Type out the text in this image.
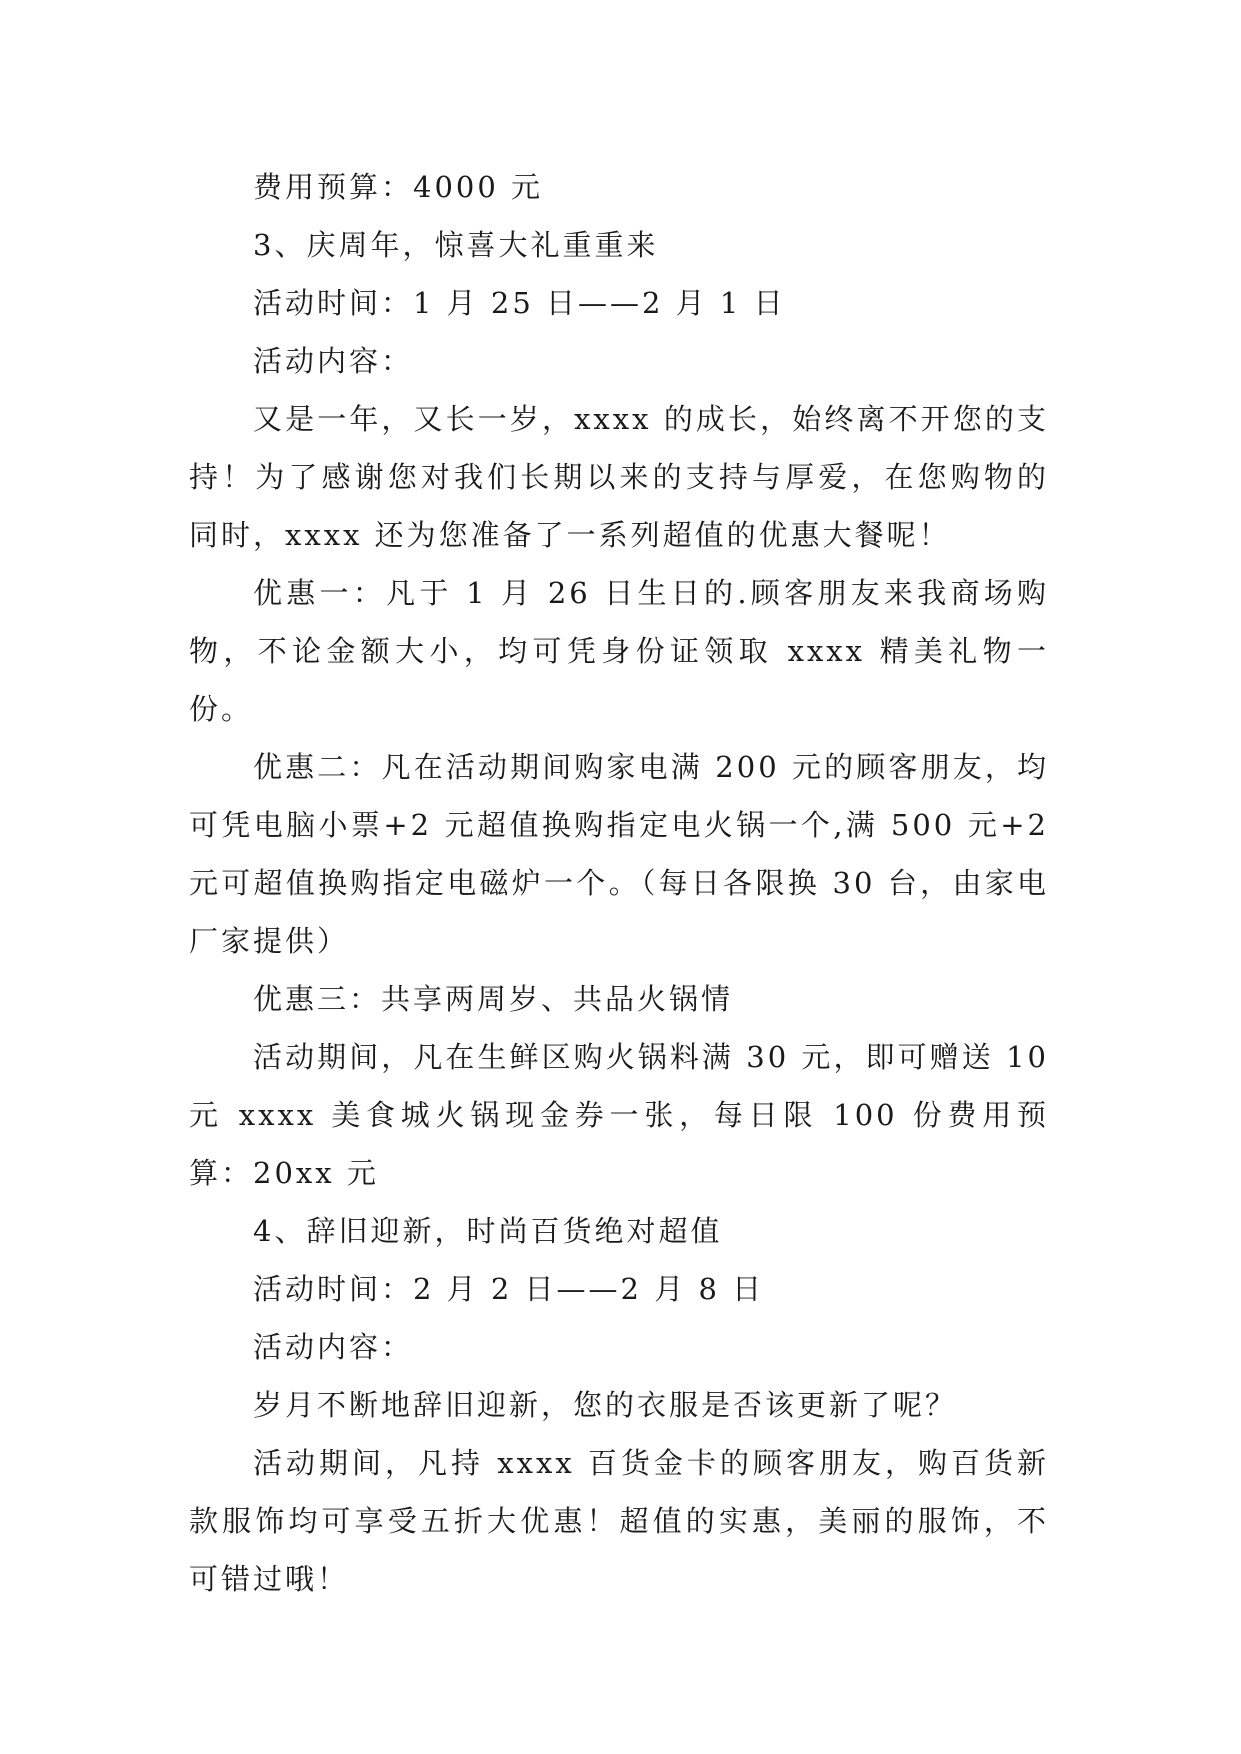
费用预算：4000 元

3、庆周年，惊喜大礼重重来

活动时间：1 月 25 日——2 月 1 日

活动内容：

又是一年，又长一岁，xxxx 的成长，始终离不开您的支持！为了感谢您对我们长期以来的支持与厚爱，在您购物的同时，xxxx 还为您准备了一系列超值的优惠大餐呢！

优惠一：凡于 1 月 26 日生日的.顾客朋友来我商场购物，不论金额大小，均可凭身份证领取 xxxx 精美礼物一份。

优惠二：凡在活动期间购家电满 200 元的顾客朋友，均可凭电脑小票+2 元超值换购指定电火锅一个,满 500 元+2 元可超值换购指定电磁炉一个。（每日各限换 30 台，由家电厂家提供）

优惠三：共享两周岁、共品火锅情

活动期间，凡在生鲜区购火锅料满 30 元，即可赠送 10 元 xxxx 美食城火锅现金券一张，每日限 100 份费用预算：20xx 元

4、辞旧迎新，时尚百货绝对超值

活动时间：2 月 2 日——2 月 8 日

活动内容：

岁月不断地辞旧迎新，您的衣服是否该更新了呢？

活动期间，凡持 xxxx 百货金卡的顾客朋友，购百货新款服饰均可享受五折大优惠！超值的实惠，美丽的服饰，不可错过哦！
